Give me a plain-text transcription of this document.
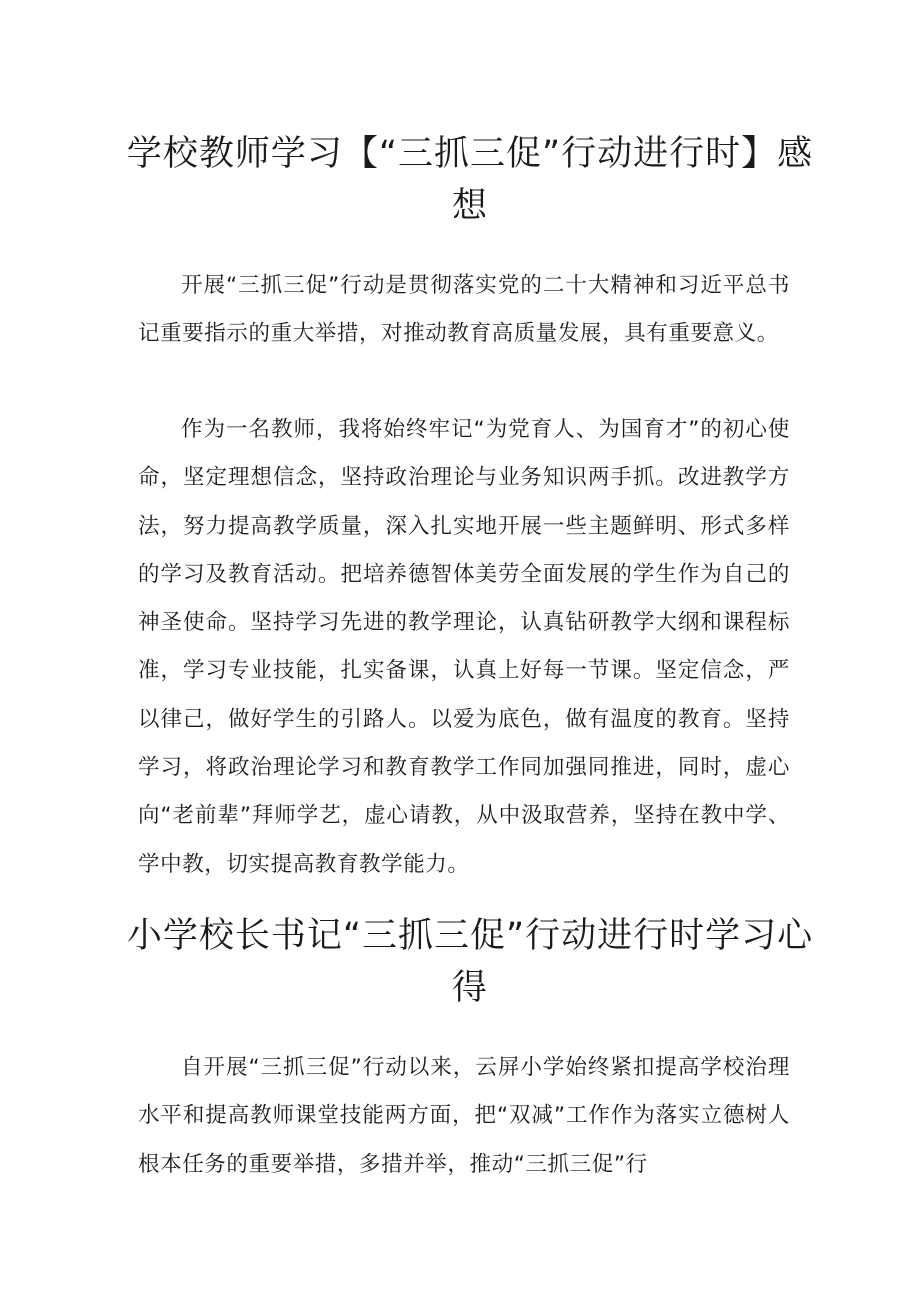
学校教师学习【“三抓三促”行动进行时】感想

开展“三抓三促”行动是贯彻落实党的二十大精神和习近平总书记重要指示的重大举措，对推动教育高质量发展，具有重要意义。

作为一名教师，我将始终牢记“为党育人、为国育才”的初心使命，坚定理想信念，坚持政治理论与业务知识两手抓。改进教学方法，努力提高教学质量，深入扎实地开展一些主题鲜明、形式多样的学习及教育活动。把培养德智体美劳全面发展的学生作为自己的神圣使命。坚持学习先进的教学理论，认真钻研教学大纲和课程标准，学习专业技能，扎实备课，认真上好每一节课。坚定信念，严以律己，做好学生的引路人。以爱为底色，做有温度的教育。坚持学习，将政治理论学习和教育教学工作同加强同推进，同时，虚心向“老前辈”拜师学艺，虚心请教，从中汲取营养，坚持在教中学、学中教，切实提高教育教学能力。

小学校长书记“三抓三促”行动进行时学习心得

自开展“三抓三促”行动以来，云屏小学始终紧扣提高学校治理水平和提高教师课堂技能两方面，把“双减”工作作为落实立德树人根本任务的重要举措，多措并举，推动“三抓三促”行
